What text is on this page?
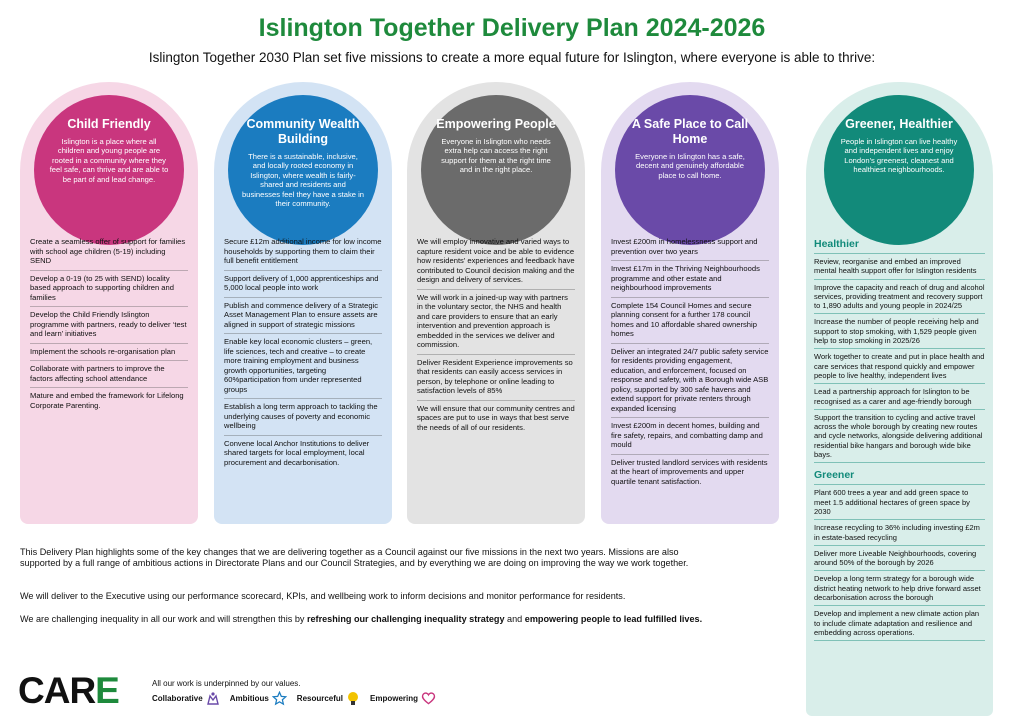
Islington Together Delivery Plan 2024-2026
Islington Together 2030 Plan set five missions to create a more equal future for Islington, where everyone is able to thrive:
Child Friendly

Islington is a place where all children and young people are rooted in a community where they feel safe, can thrive and are able to be part of and lead change.

Create a seamless offer of support for families with school age children (5-19) including SEND
Develop a 0-19 (to 25 with SEND) locality based approach to supporting children and families
Develop the Child Friendly Islington programme with partners, ready to deliver ‘test and learn’ initiatives
Implement the schools re-organisation plan
Collaborate with partners to improve the factors affecting school attendance
Mature and embed the framework for Lifelong Corporate Parenting.
Community Wealth Building

There is a sustainable, inclusive, and locally rooted economy in Islington, where wealth is fairly-shared and residents and businesses feel they have a stake in their community.

Secure £12m additional income for low income households by supporting them to claim their full benefit entitlement
Support delivery of 1,000 apprenticeships and 5,000 local people into work
Publish and commence delivery of a Strategic Asset Management Plan to ensure assets are aligned in support of strategic missions
Enable key local economic clusters – green, life sciences, tech and creative – to create more training employment and business growth opportunities, targeting 60%participation from under represented groups
Establish a long term approach to tackling the underlying causes of poverty and economic wellbeing
Convene local Anchor Institutions to deliver shared targets for local employment, local procurement and decarbonisation.
Empowering People

Everyone in Islington who needs extra help can access the right support for them at the right time and in the right place.

We will employ innovative and varied ways to capture resident voice and be able to evidence how residents' experiences and feedback have contributed to Council decision making and the design and delivery of services.
We will work in a joined-up way with partners in the voluntary sector, the NHS and health and care providers to ensure that an early intervention and prevention approach is embedded in the services we deliver and commission.
Deliver Resident Experience improvements so that residents can easily access services in person, by telephone or online leading to satisfaction levels of 85%
We will ensure that our community centres and spaces are put to use in ways that best serve the needs of all of our residents.
A Safe Place to Call Home

Everyone in Islington has a safe, decent and genuinely affordable place to call home.

Invest £200m in homelessness support and prevention over two years
Invest £17m in the Thriving Neighbourhoods programme and other estate and neighbourhood improvements
Complete 154 Council Homes and secure planning consent for a further 178 council homes and 10 affordable shared ownership homes
Deliver an integrated 24/7 public safety service for residents providing engagement, education, and enforcement, focused on response and safety, with a Borough wide ASB policy, supported by 300 safe havens and extend support for private renters through expanded licensing
Invest £200m in decent homes, building and fire safety, repairs, and combatting damp and mould
Deliver trusted landlord services with residents at the heart of improvements and upper quartile tenant satisfaction.
Greener, Healthier

People in Islington can live healthy and independent lives and enjoy London's greenest, cleanest and healthiest neighbourhoods.

Healthier
Review, reorganise and embed an improved mental health support offer for Islington residents
Improve the capacity and reach of drug and alcohol services, providing treatment and recovery support to 1,890 adults and young people in 2024/25
Increase the number of people receiving help and support to stop smoking, with 1,529 people given help to stop smoking in 2025/26
Work together to create and put in place health and care services that respond quickly and empower people to live healthy, independent lives
Lead a partnership approach for Islington to be recognised as a carer and age-friendly borough
Support the transition to cycling and active travel across the whole borough by creating new routes and cycle networks, alongside delivering additional residential bike hangars and borough wide bike bays.
Greener
Plant 600 trees a year and add green space to meet 1.5 additional hectares of green space by 2030
Increase recycling to 36% including investing £2m in estate-based recycling
Deliver more Liveable Neighbourhoods, covering around 50% of the borough by 2026
Develop a long term strategy for a borough wide district heating network to help drive forward asset decarbonisation across the borough
Develop and implement a new climate action plan to include climate adaptation and resilience and embedding across operations.
This Delivery Plan highlights some of the key changes that we are delivering together as a Council against our five missions in the next two years. Missions are also supported by a full range of ambitious actions in Directorate Plans and our Council Strategies, and by everything we are doing on improving the way we work together.
We will deliver to the Executive using our performance scorecard, KPIs, and wellbeing work to inform decisions and monitor performance for residents.
We are challenging inequality in all our work and will strengthen this by refreshing our challenging inequality strategy and empowering people to lead fulfilled lives.
CARE	All our work is underpinned by our values.
Collaborative	Ambitious	Resourceful	Empowering
